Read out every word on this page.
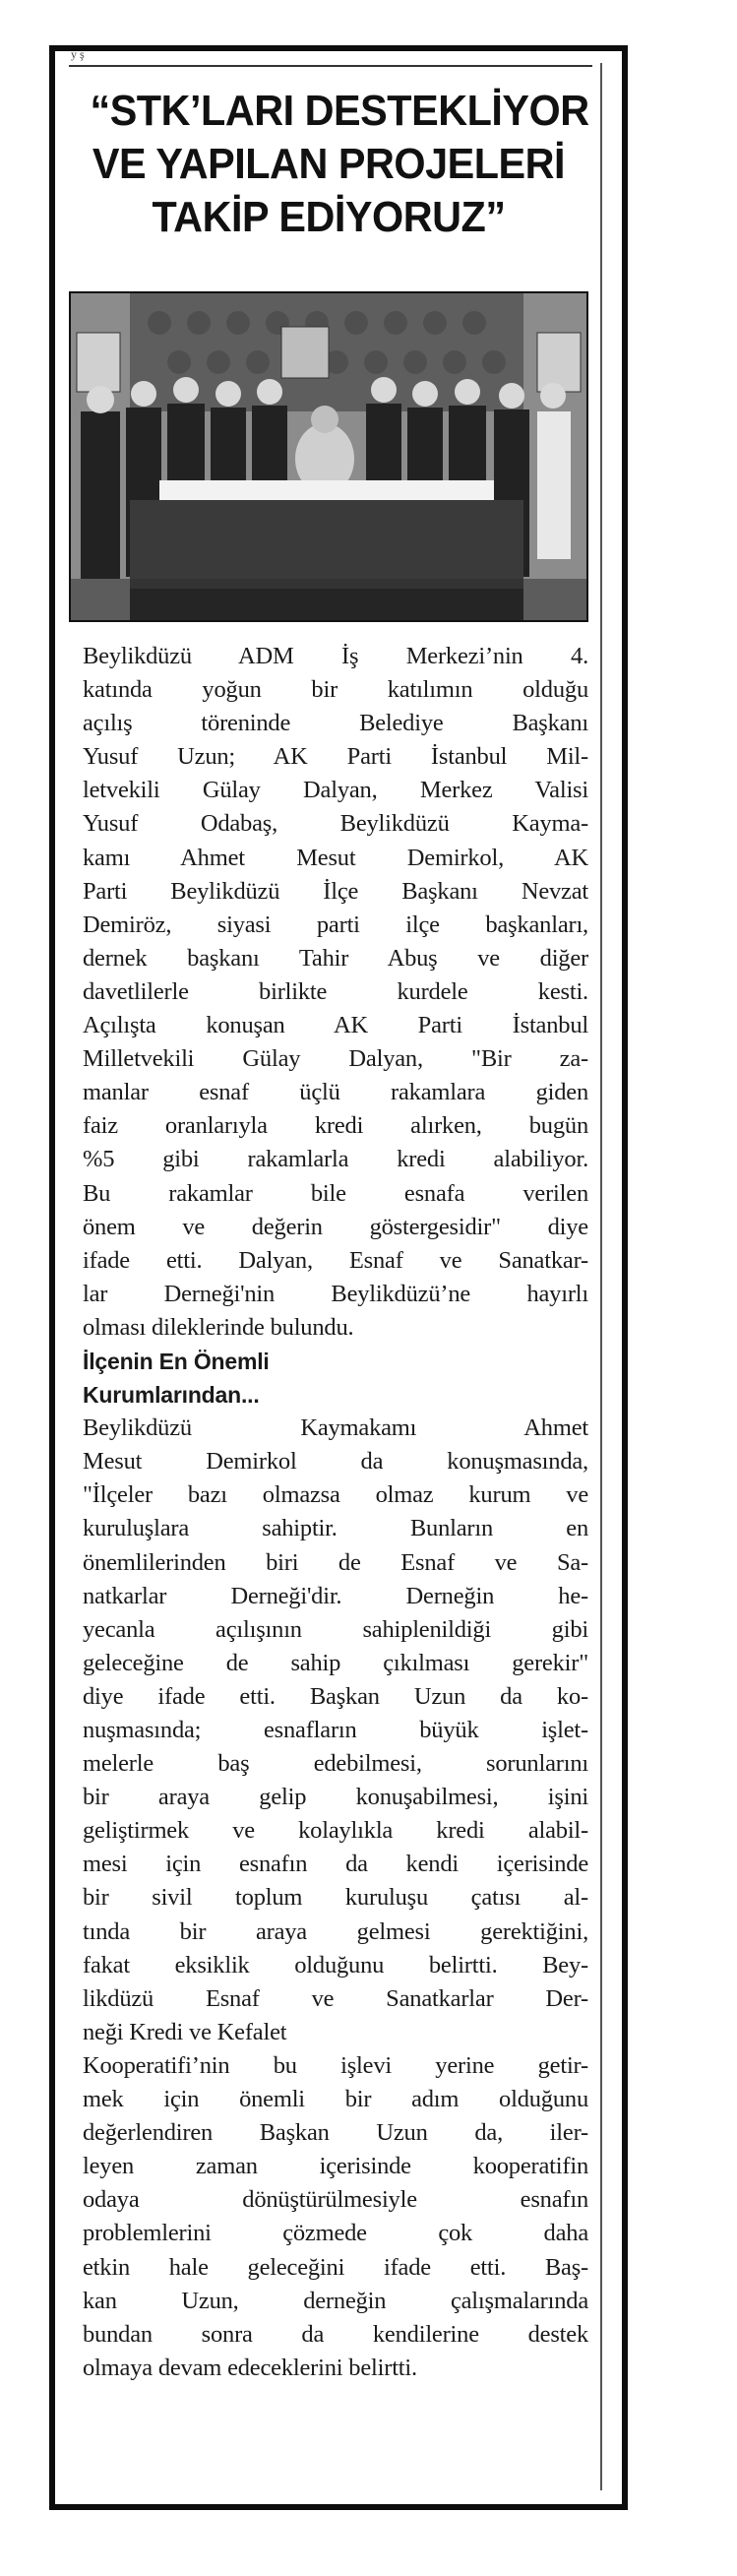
“STK’LARI DESTEKLİYOR
VE YAPILAN PROJELERİ
TAKİP EDİYORUZ”
Beylikdüzü ADM İş Merkezi’nin 4.
katında yoğun bir katılımın olduğu
açılış töreninde Belediye Başkanı
Yusuf Uzun; AK Parti İstanbul Mil-
letvekili Gülay Dalyan, Merkez Valisi
Yusuf Odabaş, Beylikdüzü Kayma-
kamı Ahmet Mesut Demirkol, AK
Parti Beylikdüzü İlçe Başkanı Nevzat
Demiröz, siyasi parti ilçe başkanları,
dernek başkanı Tahir Abuş ve diğer
davetlilerle birlikte kurdele kesti.
Açılışta konuşan AK Parti İstanbul
Milletvekili Gülay Dalyan, "Bir za-
manlar esnaf üçlü rakamlara giden
faiz oranlarıyla kredi alırken, bugün
%5 gibi rakamlarla kredi alabiliyor.
Bu rakamlar bile esnafa verilen
önem ve değerin göstergesidir" diye
ifade etti. Dalyan, Esnaf ve Sanatkar-
lar Derneği'nin Beylikdüzü’ne hayırlı
olması dileklerinde bulundu.
İlçenin En Önemli
Kurumlarından...
Beylikdüzü Kaymakamı Ahmet
Mesut Demirkol da konuşmasında,
"İlçeler bazı olmazsa olmaz kurum ve
kuruluşlara sahiptir. Bunların en
önemlilerinden biri de Esnaf ve Sa-
natkarlar Derneği'dir. Derneğin he-
yecanla açılışının sahiplenildiği gibi
geleceğine de sahip çıkılması gerekir"
diye ifade etti. Başkan Uzun da ko-
nuşmasında; esnafların büyük işlet-
melerle baş edebilmesi, sorunlarını
bir araya gelip konuşabilmesi, işini
geliştirmek ve kolaylıkla kredi alabil-
mesi için esnafın da kendi içerisinde
bir sivil toplum kuruluşu çatısı al-
tında bir araya gelmesi gerektiğini,
fakat eksiklik olduğunu belirtti. Bey-
likdüzü Esnaf ve Sanatkarlar Der-
neği Kredi ve Kefalet
Kooperatifi’nin bu işlevi yerine getir-
mek için önemli bir adım olduğunu
değerlendiren Başkan Uzun da, iler-
leyen zaman içerisinde kooperatifin
odaya dönüştürülmesiyle esnafın
problemlerini çözmede çok daha
etkin hale geleceğini ifade etti. Baş-
kan Uzun, derneğin çalışmalarında
bundan sonra da kendilerine destek
olmaya devam edeceklerini belirtti.
y ş
